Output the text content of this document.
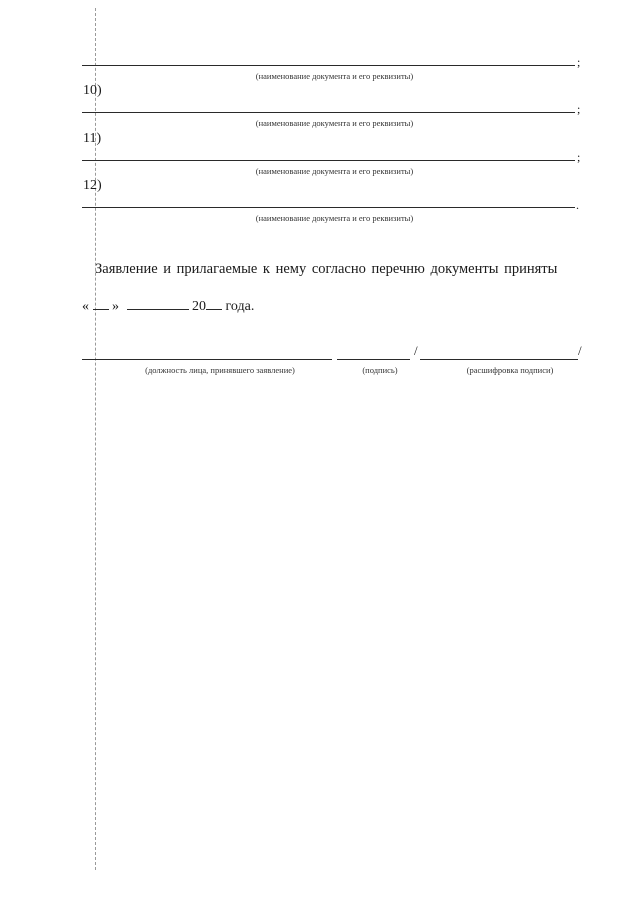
;
(наименование документа и его реквизиты)
10)
;
(наименование документа и его реквизиты)
11)
;
(наименование документа и его реквизиты)
12)
.
(наименование документа и его реквизиты)
Заявление и прилагаемые к нему согласно перечню документы приняты
« »	20 года.
/	/
(должность лица, принявшего заявление)	(подпись)	(расшифровка подписи)
